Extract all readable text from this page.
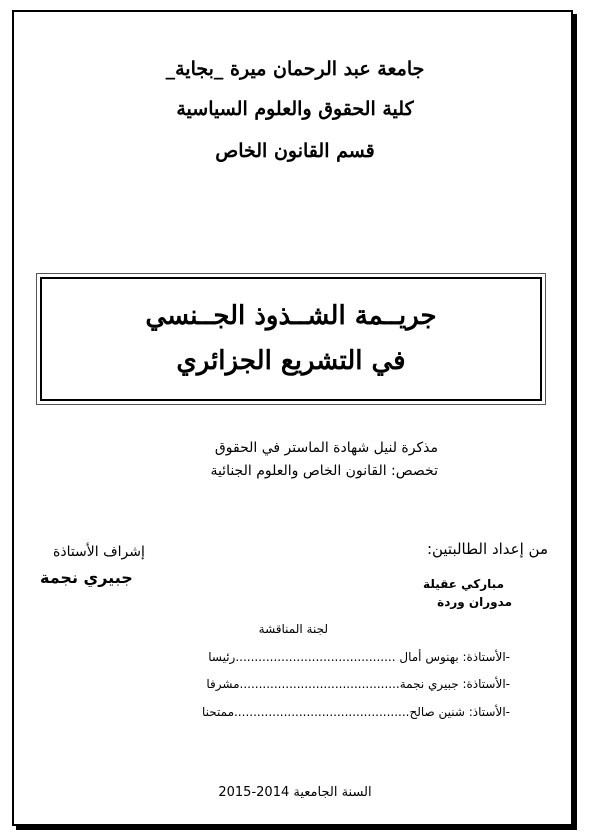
جامعة عبد الرحمان ميرة _بجاية_
كلية الحقوق والعلوم السياسية
قسم القانون الخاص
جريــمة الشــذوذ الجــنسي
في التشريع الجزائري
مذكرة لنيل شهادة الماستر في الحقوق
تخصص: القانون الخاص والعلوم الجنائية
من إعداد الطالبتين:
إشراف الأستاذة
جبيري نجمة	مباركي عقيلة
مدوران وردة
لجنة المناقشة
-الأستاذة: بهنوس أمال ..........................................رئيسا
-الأستاذة: جبيري نجمة..........................................مشرفا
-الأستاذ: شنين صالح..............................................ممتحنا
السنة الجامعية 2014-2015
